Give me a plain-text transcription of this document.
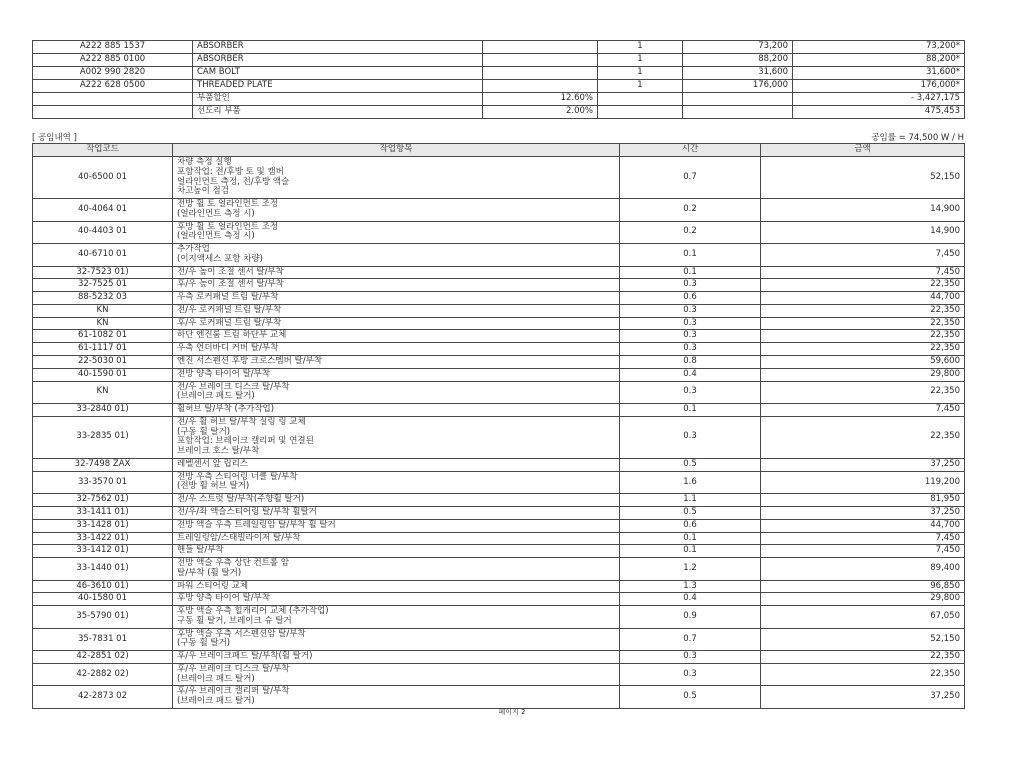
A222 885 1537	ABSORBER		1	73,200	73,200*
A222 885 0100	ABSORBER		1	88,200	88,200*
A002 990 2820	CAM BOLT		1	31,600	31,600*
A222 628 0500	THREADED PLATE		1	176,000	176,000*
	부품할인	12.60%			- 3,427,175
	선도리 부품	2.00%			475,453
[ 공임내역 ]	공임률 = 74,500 W / H
작업코드	작업항목	시간	금액
40-6500 01	차량 측정 실행
포함작업: 전/후방 토 및 캠버
얼라인먼트 측정, 전/후방 액슬
차고높이 점검	0.7	52,150
40-4064 01	전방 휠 토 얼라인먼트 조정
(얼라인먼트 측정 시)	0.2	14,900
40-4403 01	후방 휠 토 얼라인먼트 조정
(얼라인먼트 측정 시)	0.2	14,900
40-6710 01	추가작업
(이지액세스 포함 차량)	0.1	7,450
32-7523 01)	전/우 높이 조절 센서 탈/부착	0.1	7,450
32-7525 01	후/우 높이 조절 센서 탈/부착	0.3	22,350
88-5232 03	우측 로커패널 트림 탈/부착	0.6	44,700
KN	전/우 로커패널 트림 탈/부착	0.3	22,350
KN	후/우 로커패널 트림 탈/부착	0.3	22,350
61-1082 01	하단 엔진룸 트림 하단부 교체	0.3	22,350
61-1117 01	우측 언더바디 커버 탈/부착	0.3	22,350
22-5030 01	엔진 서스펜션 후방 크로스멤버 탈/부착	0.8	59,600
40-1590 01	전방 양측 타이어 탈/부착	0.4	29,800
KN	전/우 브레이크 디스크 탈/부착
(브레이크 패드 탈거)	0.3	22,350
33-2840 01)	휠허브 탈/부착 (추가작업)	0.1	7,450
33-2835 01)	전/우 휠 허브 탈/부착 실링 링 교체
(구동 휠 탈거)
포함작업: 브레이크 캘리퍼 및 연결된
브레이크 호스 탈/부착	0.3	22,350
32-7498 ZAX	레벨센서 앞 립리스	0.5	37,250
33-3570 01	전방 우측 스티어링 너클 탈/부착
(전방 휠 허브 탈거)	1.6	119,200
32-7562 01)	전/우 스트럿 탈/부착(주향휠 탈거)	1.1	81,950
33-1411 01)	전/우/좌 액슬스티어링 탈/부착 휠탈거	0.5	37,250
33-1428 01)	전방 액슬 우측 트레일링암 탈/부착 휠 탈거	0.6	44,700
33-1422 01)	트레일링암/스태빌라이저 탈/부착	0.1	7,450
33-1412 01)	핸들 탈/부착	0.1	7,450
33-1440 01)	전방 액슬 우측 상단 컨트롤 암
탈/부착 (휠 탈거)	1.2	89,400
46-3610 01)	파워 스티어링 교체	1.3	96,850
40-1580 01	후방 양측 타이어 탈/부착	0.4	29,800
35-5790 01)	후방 액슬 우측 힐캐리어 교체 (추가작업)
구동 휠 탈거, 브레이크 슈 탈거	0.9	67,050
35-7831 01	후방 액슬 우측 서스펜션암 탈/부착
(구동 휠 탈거)	0.7	52,150
42-2851 02)	후/우 브레이크패드 탈/부착(휠 탈거)	0.3	22,350
42-2882 02)	후/우 브레이크 디스크 탈/부착
(브레이크 패드 탈거)	0.3	22,350
42-2873 02	후/우 브레이크 캘리퍼 탈/부착
(브레이크 패드 탈거)	0.5	37,250
페이지 2
